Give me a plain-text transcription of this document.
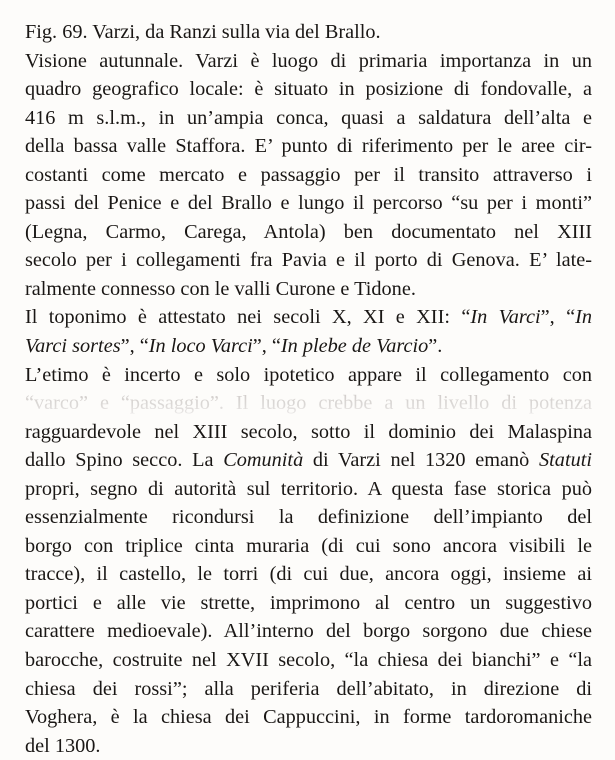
Fig. 69. Varzi, da Ranzi sulla via del Brallo.
Visione autunnale. Varzi è luogo di primaria importanza in un
quadro geografico locale: è situato in posizione di fondovalle, a
416 m s.l.m., in un’ampia conca, quasi a saldatura dell’alta e
della bassa valle Staffora. E’ punto di riferimento per le aree cir-
costanti come mercato e passaggio per il transito attraverso i
passi del Penice e del Brallo e lungo il percorso “su per i monti”
(Legna, Carmo, Carega, Antola) ben documentato nel XIII
secolo per i collegamenti fra Pavia e il porto di Genova. E’ late-
ralmente connesso con le valli Curone e Tidone.
Il toponimo è attestato nei secoli X, XI e XII: “In Varci”, “In
Varci sortes”, “In loco Varci”, “In plebe de Varcio”.
L’etimo è incerto e solo ipotetico appare il collegamento con
“varco” e “passaggio”. Il luogo crebbe a un livello di potenza
ragguardevole nel XIII secolo, sotto il dominio dei Malaspina
dallo Spino secco. La Comunità di Varzi nel 1320 emanò Statuti
propri, segno di autorità sul territorio. A questa fase storica può
essenzialmente ricondursi la definizione dell’impianto del
borgo con triplice cinta muraria (di cui sono ancora visibili le
tracce), il castello, le torri (di cui due, ancora oggi, insieme ai
portici e alle vie strette, imprimono al centro un suggestivo
carattere medioevale). All’interno del borgo sorgono due chiese
barocche, costruite nel XVII secolo, “la chiesa dei bianchi” e “la
chiesa dei rossi”; alla periferia dell’abitato, in direzione di
Voghera, è la chiesa dei Cappuccini, in forme tardoromaniche
del 1300.
